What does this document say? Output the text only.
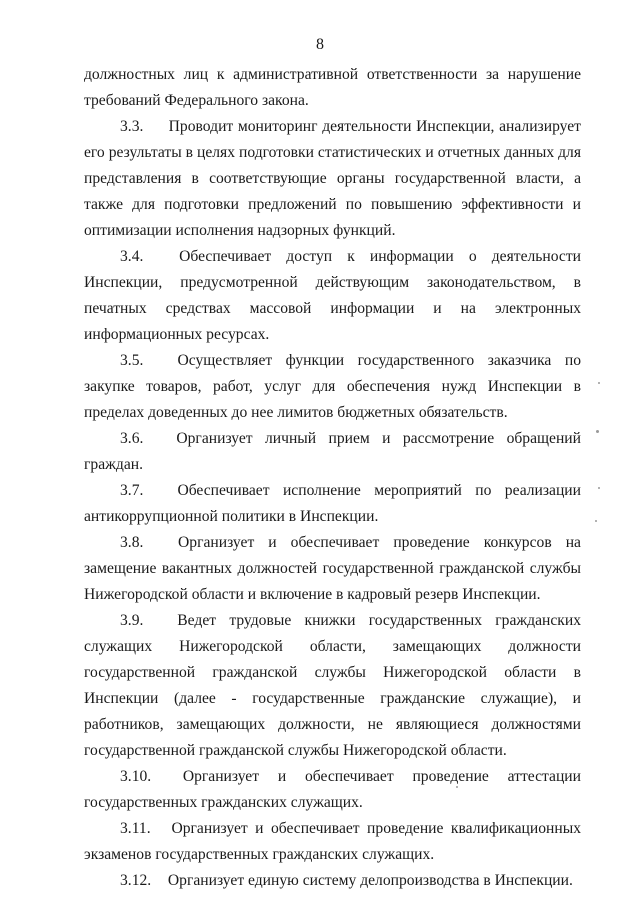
8

должностных лиц к административной ответственности за нарушение требований Федерального закона.

3.3. Проводит мониторинг деятельности Инспекции, анализирует его результаты в целях подготовки статистических и отчетных данных для представления в соответствующие органы государственной власти, а также для подготовки предложений по повышению эффективности и оптимизации исполнения надзорных функций.

3.4. Обеспечивает доступ к информации о деятельности Инспекции, предусмотренной действующим законодательством, в печатных средствах массовой информации и на электронных информационных ресурсах.

3.5. Осуществляет функции государственного заказчика по закупке товаров, работ, услуг для обеспечения нужд Инспекции в пределах доведенных до нее лимитов бюджетных обязательств.

3.6. Организует личный прием и рассмотрение обращений граждан.

3.7. Обеспечивает исполнение мероприятий по реализации антикоррупционной политики в Инспекции.

3.8. Организует и обеспечивает проведение конкурсов на замещение вакантных должностей государственной гражданской службы Нижегородской области и включение в кадровый резерв Инспекции.

3.9. Ведет трудовые книжки государственных гражданских служащих Нижегородской области, замещающих должности государственной гражданской службы Нижегородской области в Инспекции (далее - государственные гражданские служащие), и работников, замещающих должности, не являющиеся должностями государственной гражданской службы Нижегородской области.

3.10. Организует и обеспечивает проведение аттестации государственных гражданских служащих.

3.11. Организует и обеспечивает проведение квалификационных экзаменов государственных гражданских служащих.

3.12. Организует единую систему делопроизводства в Инспекции.
